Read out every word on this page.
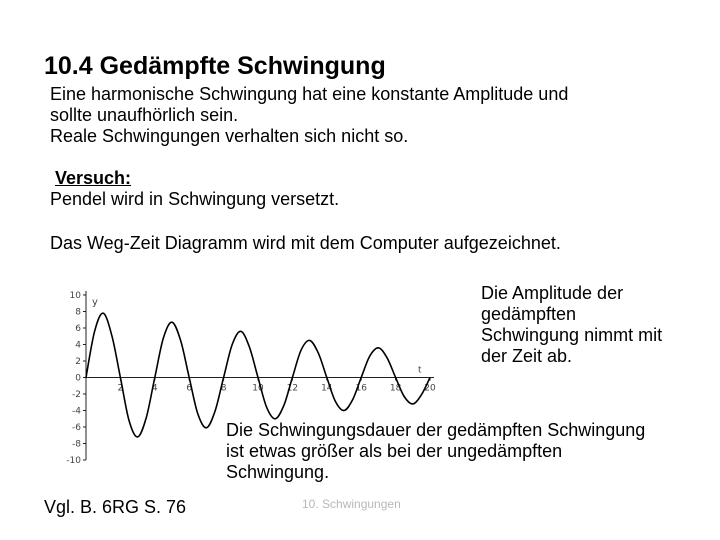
10.4 Gedämpfte Schwingung
Eine harmonische Schwingung hat eine konstante Amplitude und
sollte unaufhörlich sein.
Reale Schwingungen verhalten sich nicht so.
Versuch:
Pendel wird in Schwingung versetzt.
Das Weg-Zeit Diagramm wird mit dem Computer aufgezeichnet.
10
8
6
4
2
0
-2
-4
-6
-8
-10
2	4	6	8	10	12	14	16	18	20
y
t
Die Amplitude der
gedämpften
Schwingung nimmt mit
der Zeit ab.
Die Schwingungsdauer der gedämpften Schwingung
ist etwas größer als bei der ungedämpften
Schwingung.
Vgl. B. 6RG S. 76	10. Schwingungen
